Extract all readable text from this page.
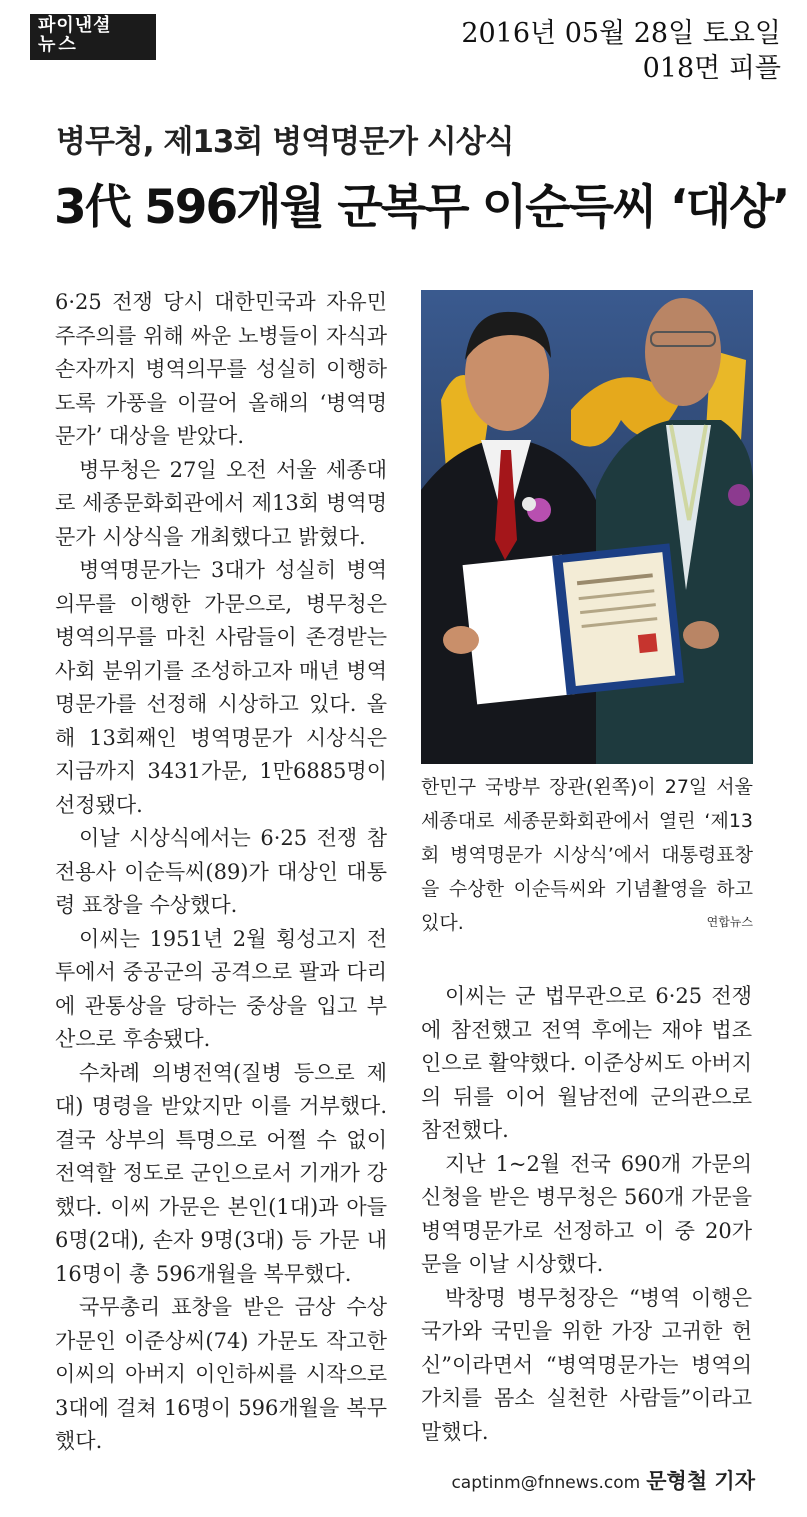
파이낸셜
뉴스	2016년 05월 28일 토요일
018면 피플
병무청, 제13회 병역명문가 시상식
3代 596개월 군복무 이순득씨 ‘대상’

6·25 전쟁 당시 대한민국과 자유민주주의를 위해 싸운 노병들이 자식과 손자까지 병역의무를 성실히 이행하도록 가풍을 이끌어 올해의 ‘병역명문가’ 대상을 받았다.

병무청은 27일 오전 서울 세종대로 세종문화회관에서 제13회 병역명문가 시상식을 개최했다고 밝혔다.

병역명문가는 3대가 성실히 병역의무를 이행한 가문으로, 병무청은 병역의무를 마친 사람들이 존경받는 사회 분위기를 조성하고자 매년 병역명문가를 선정해 시상하고 있다. 올해 13회째인 병역명문가 시상식은 지금까지 3431가문, 1만6885명이 선정됐다.

이날 시상식에서는 6·25 전쟁 참전용사 이순득씨(89)가 대상인 대통령 표창을 수상했다.

이씨는 1951년 2월 횡성고지 전투에서 중공군의 공격으로 팔과 다리에 관통상을 당하는 중상을 입고 부산으로 후송됐다.

수차례 의병전역(질병 등으로 제대) 명령을 받았지만 이를 거부했다. 결국 상부의 특명으로 어쩔 수 없이 전역할 정도로 군인으로서 기개가 강했다. 이씨 가문은 본인(1대)과 아들 6명(2대), 손자 9명(3대) 등 가문 내 16명이 총 596개월을 복무했다.

국무총리 표창을 받은 금상 수상 가문인 이준상씨(74) 가문도 작고한 이씨의 아버지 이인하씨를 시작으로 3대에 걸쳐 16명이 596개월을 복무했다.

한민구 국방부 장관(왼쪽)이 27일 서울 세종대로 세종문화회관에서 열린 ‘제13회 병역명문가 시상식’에서 대통령표창을 수상한 이순득씨와 기념촬영을 하고 있다.	연합뉴스

이씨는 군 법무관으로 6·25 전쟁에 참전했고 전역 후에는 재야 법조인으로 활약했다. 이준상씨도 아버지의 뒤를 이어 월남전에 군의관으로 참전했다.

지난 1~2월 전국 690개 가문의 신청을 받은 병무청은 560개 가문을 병역명문가로 선정하고 이 중 20가문을 이날 시상했다.

박창명 병무청장은 “병역 이행은 국가와 국민을 위한 가장 고귀한 헌신”이라면서 “병역명문가는 병역의 가치를 몸소 실천한 사람들”이라고 말했다.

captinm@fnnews.com 문형철 기자
